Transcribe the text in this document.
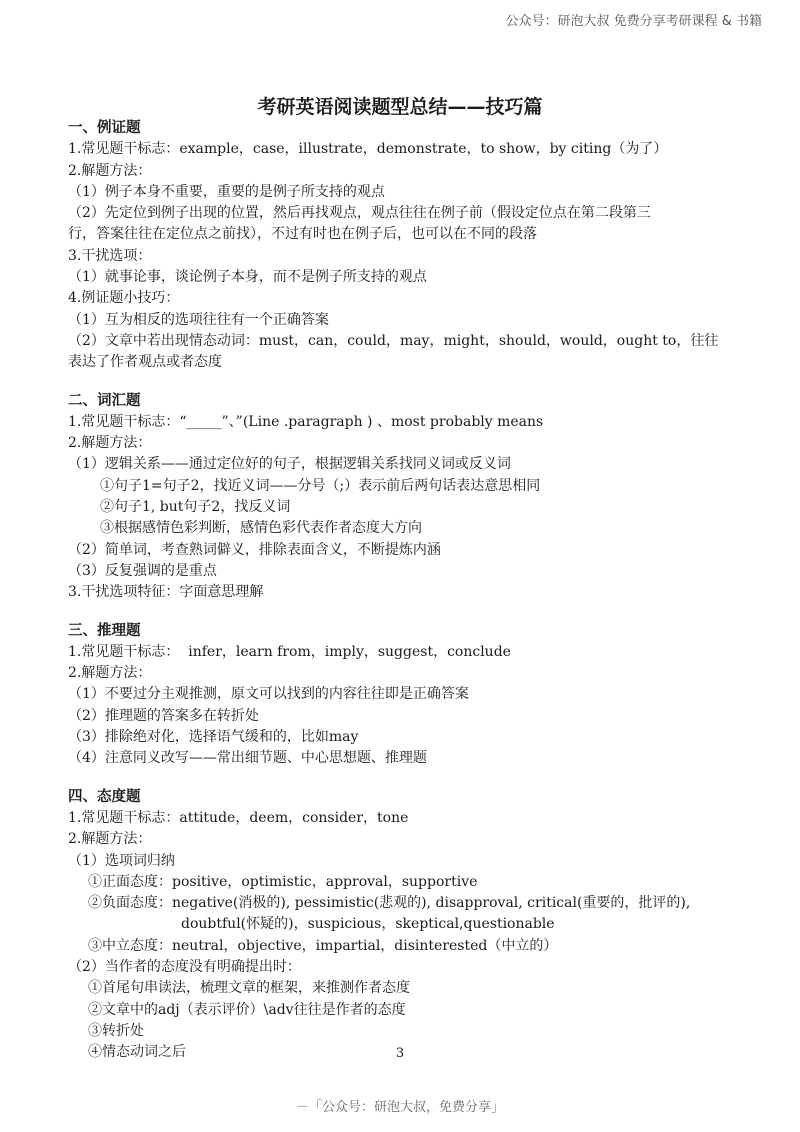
公众号：研泡大叔 免费分享考研课程 & 书籍
考研英语阅读题型总结——技巧篇

一、例证题

1.常见题干标志：example，case，illustrate，demonstrate，to show，by citing（为了）

2.解题方法：

（1）例子本身不重要，重要的是例子所支持的观点

（2）先定位到例子出现的位置，然后再找观点，观点往往在例子前（假设定位点在第二段第三

行，答案往往在定位点之前找），不过有时也在例子后，也可以在不同的段落

3.干扰选项：

（1）就事论事，谈论例子本身，而不是例子所支持的观点

4.例证题小技巧：

（1）互为相反的选项往往有一个正确答案

（2）文章中若出现情态动词：must，can，could，may，might，should，would，ought to，往往

表达了作者观点或者态度

二、词汇题

1.常见题干标志：“_____”、”(Line .paragraph ) 、most probably means

2.解题方法：

（1）逻辑关系——通过定位好的句子，根据逻辑关系找同义词或反义词

①句子1=句子2，找近义词——分号（;）表示前后两句话表达意思相同

②句子1, but句子2，找反义词

③根据感情色彩判断，感情色彩代表作者态度大方向

（2）简单词，考查熟词僻义，排除表面含义，不断提炼内涵

（3）反复强调的是重点

3.干扰选项特征：字面意思理解

三、推理题

1.常见题干标志：  infer，learn from，imply，suggest，conclude

2.解题方法：

（1）不要过分主观推测，原文可以找到的内容往往即是正确答案

（2）推理题的答案多在转折处

（3）排除绝对化，选择语气缓和的，比如may

（4）注意同义改写——常出细节题、中心思想题、推理题

四、态度题

1.常见题干标志：attitude，deem，consider，tone

2.解题方法：

（1）选项词归纳

①正面态度：positive，optimistic，approval，supportive

②负面态度：negative(消极的), pessimistic(悲观的), disapproval, critical(重要的，批评的),

doubtful(怀疑的)，suspicious，skeptical,questionable

③中立态度：neutral，objective，impartial，disinterested（中立的）

（2）当作者的态度没有明确提出时：

①首尾句串读法，梳理文章的框架，来推测作者态度

②文章中的adj（表示评价）\adv往往是作者的态度

③转折处

④情态动词之后	3
－「公众号：研泡大叔，免费分享」
